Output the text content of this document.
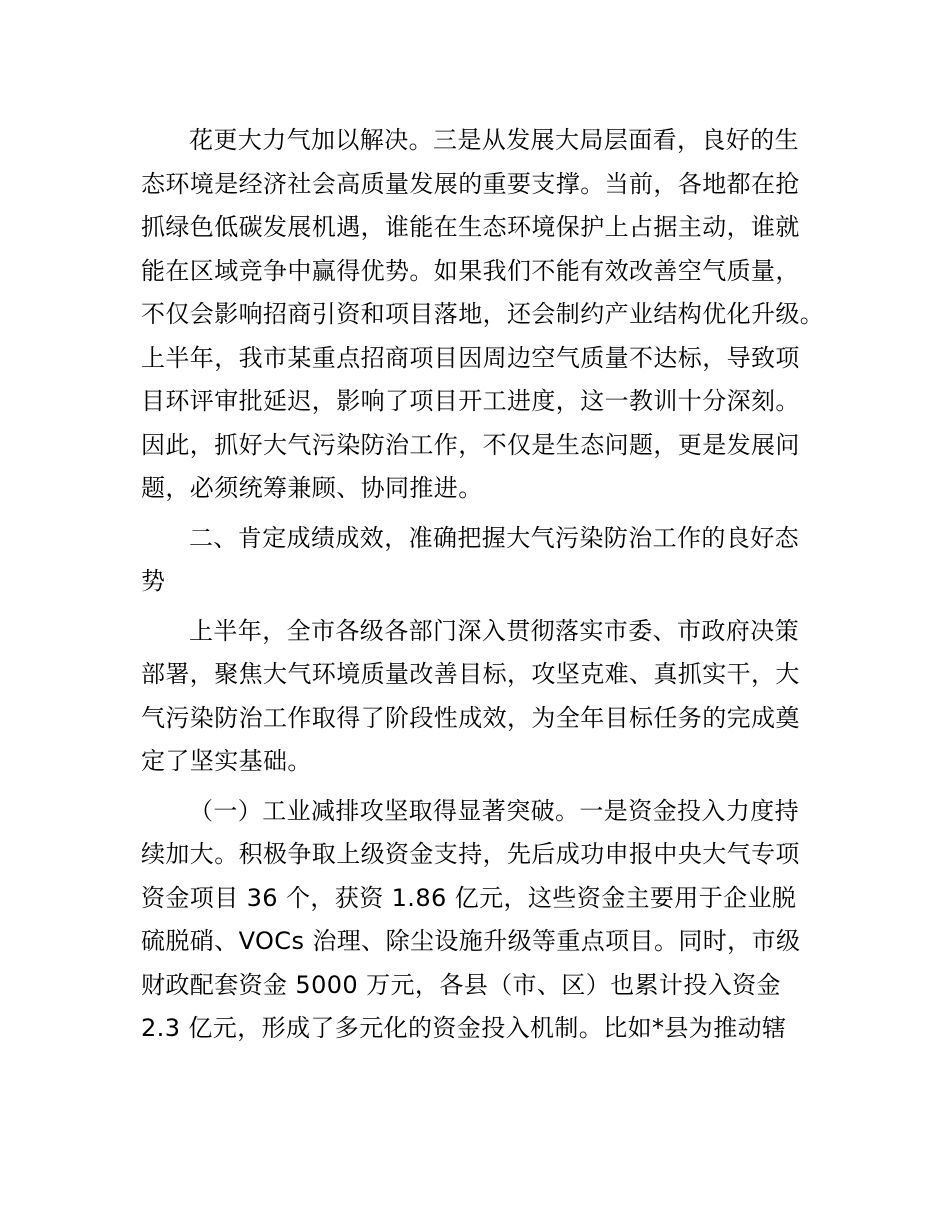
花更大力气加以解决。三是从发展大局层面看，良好的生
态环境是经济社会高质量发展的重要支撑。当前，各地都在抢
抓绿色低碳发展机遇，谁能在生态环境保护上占据主动，谁就
能在区域竞争中赢得优势。如果我们不能有效改善空气质量，
不仅会影响招商引资和项目落地，还会制约产业结构优化升级。
上半年，我市某重点招商项目因周边空气质量不达标，导致项
目环评审批延迟，影响了项目开工进度，这一教训十分深刻。
因此，抓好大气污染防治工作，不仅是生态问题，更是发展问
题，必须统筹兼顾、协同推进。
二、肯定成绩成效，准确把握大气污染防治工作的良好态
势
上半年，全市各级各部门深入贯彻落实市委、市政府决策
部署，聚焦大气环境质量改善目标，攻坚克难、真抓实干，大
气污染防治工作取得了阶段性成效，为全年目标任务的完成奠
定了坚实基础。
（一）工业减排攻坚取得显著突破。一是资金投入力度持
续加大。积极争取上级资金支持，先后成功申报中央大气专项
资金项目 36 个，获资 1.86 亿元，这些资金主要用于企业脱
硫脱硝、VOCs 治理、除尘设施升级等重点项目。同时，市级
财政配套资金 5000 万元，各县（市、区）也累计投入资金
2.3 亿元，形成了多元化的资金投入机制。比如*县为推动辖
